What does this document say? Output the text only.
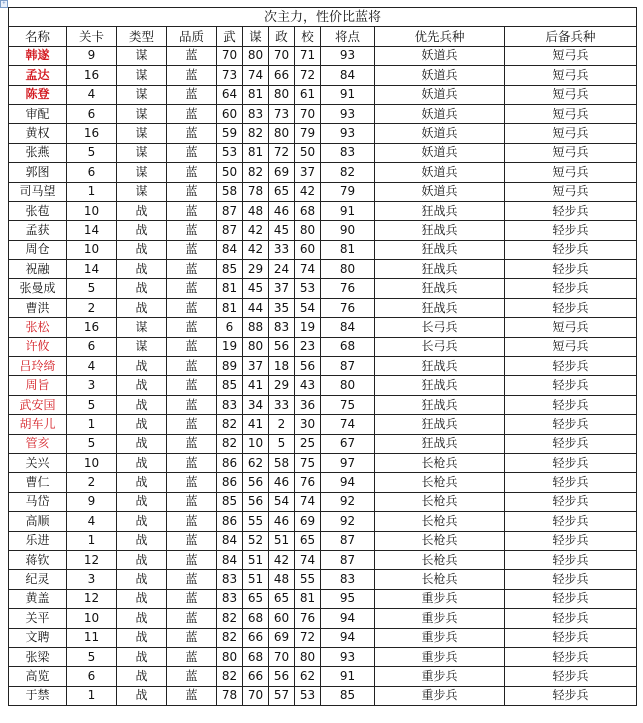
+
次主力，性价比蓝将										
名称	关卡	类型	品质	武	谋	政	校	将点	优先兵种	后备兵种
韩遂	9	谋	蓝	70	80	70	71	93	妖道兵	短弓兵
孟达	16	谋	蓝	73	74	66	72	84	妖道兵	短弓兵
陈登	4	谋	蓝	64	81	80	61	91	妖道兵	短弓兵
审配	6	谋	蓝	60	83	73	70	93	妖道兵	短弓兵
黄权	16	谋	蓝	59	82	80	79	93	妖道兵	短弓兵
张燕	5	谋	蓝	53	81	72	50	83	妖道兵	短弓兵
郭图	6	谋	蓝	50	82	69	37	82	妖道兵	短弓兵
司马望	1	谋	蓝	58	78	65	42	79	妖道兵	短弓兵
张苞	10	战	蓝	87	48	46	68	91	狂战兵	轻步兵
孟获	14	战	蓝	87	42	45	80	90	狂战兵	轻步兵
周仓	10	战	蓝	84	42	33	60	81	狂战兵	轻步兵
祝融	14	战	蓝	85	29	24	74	80	狂战兵	轻步兵
张曼成	5	战	蓝	81	45	37	53	76	狂战兵	轻步兵
曹洪	2	战	蓝	81	44	35	54	76	狂战兵	轻步兵
张松	16	谋	蓝	6	88	83	19	84	长弓兵	短弓兵
许攸	6	谋	蓝	19	80	56	23	68	长弓兵	短弓兵
吕玲绮	4	战	蓝	89	37	18	56	87	狂战兵	轻步兵
周旨	3	战	蓝	85	41	29	43	80	狂战兵	轻步兵
武安国	5	战	蓝	83	34	33	36	75	狂战兵	轻步兵
胡车儿	1	战	蓝	82	41	2	30	74	狂战兵	轻步兵
管亥	5	战	蓝	82	10	5	25	67	狂战兵	轻步兵
关兴	10	战	蓝	86	62	58	75	97	长枪兵	轻步兵
曹仁	2	战	蓝	86	56	46	76	94	长枪兵	轻步兵
马岱	9	战	蓝	85	56	54	74	92	长枪兵	轻步兵
高顺	4	战	蓝	86	55	46	69	92	长枪兵	轻步兵
乐进	1	战	蓝	84	52	51	65	87	长枪兵	轻步兵
蒋钦	12	战	蓝	84	51	42	74	87	长枪兵	轻步兵
纪灵	3	战	蓝	83	51	48	55	83	长枪兵	轻步兵
黄盖	12	战	蓝	83	65	65	81	95	重步兵	轻步兵
关平	10	战	蓝	82	68	60	76	94	重步兵	轻步兵
文聘	11	战	蓝	82	66	69	72	94	重步兵	轻步兵
张梁	5	战	蓝	80	68	70	80	93	重步兵	轻步兵
高览	6	战	蓝	82	66	56	62	91	重步兵	轻步兵
于禁	1	战	蓝	78	70	57	53	85	重步兵	轻步兵
